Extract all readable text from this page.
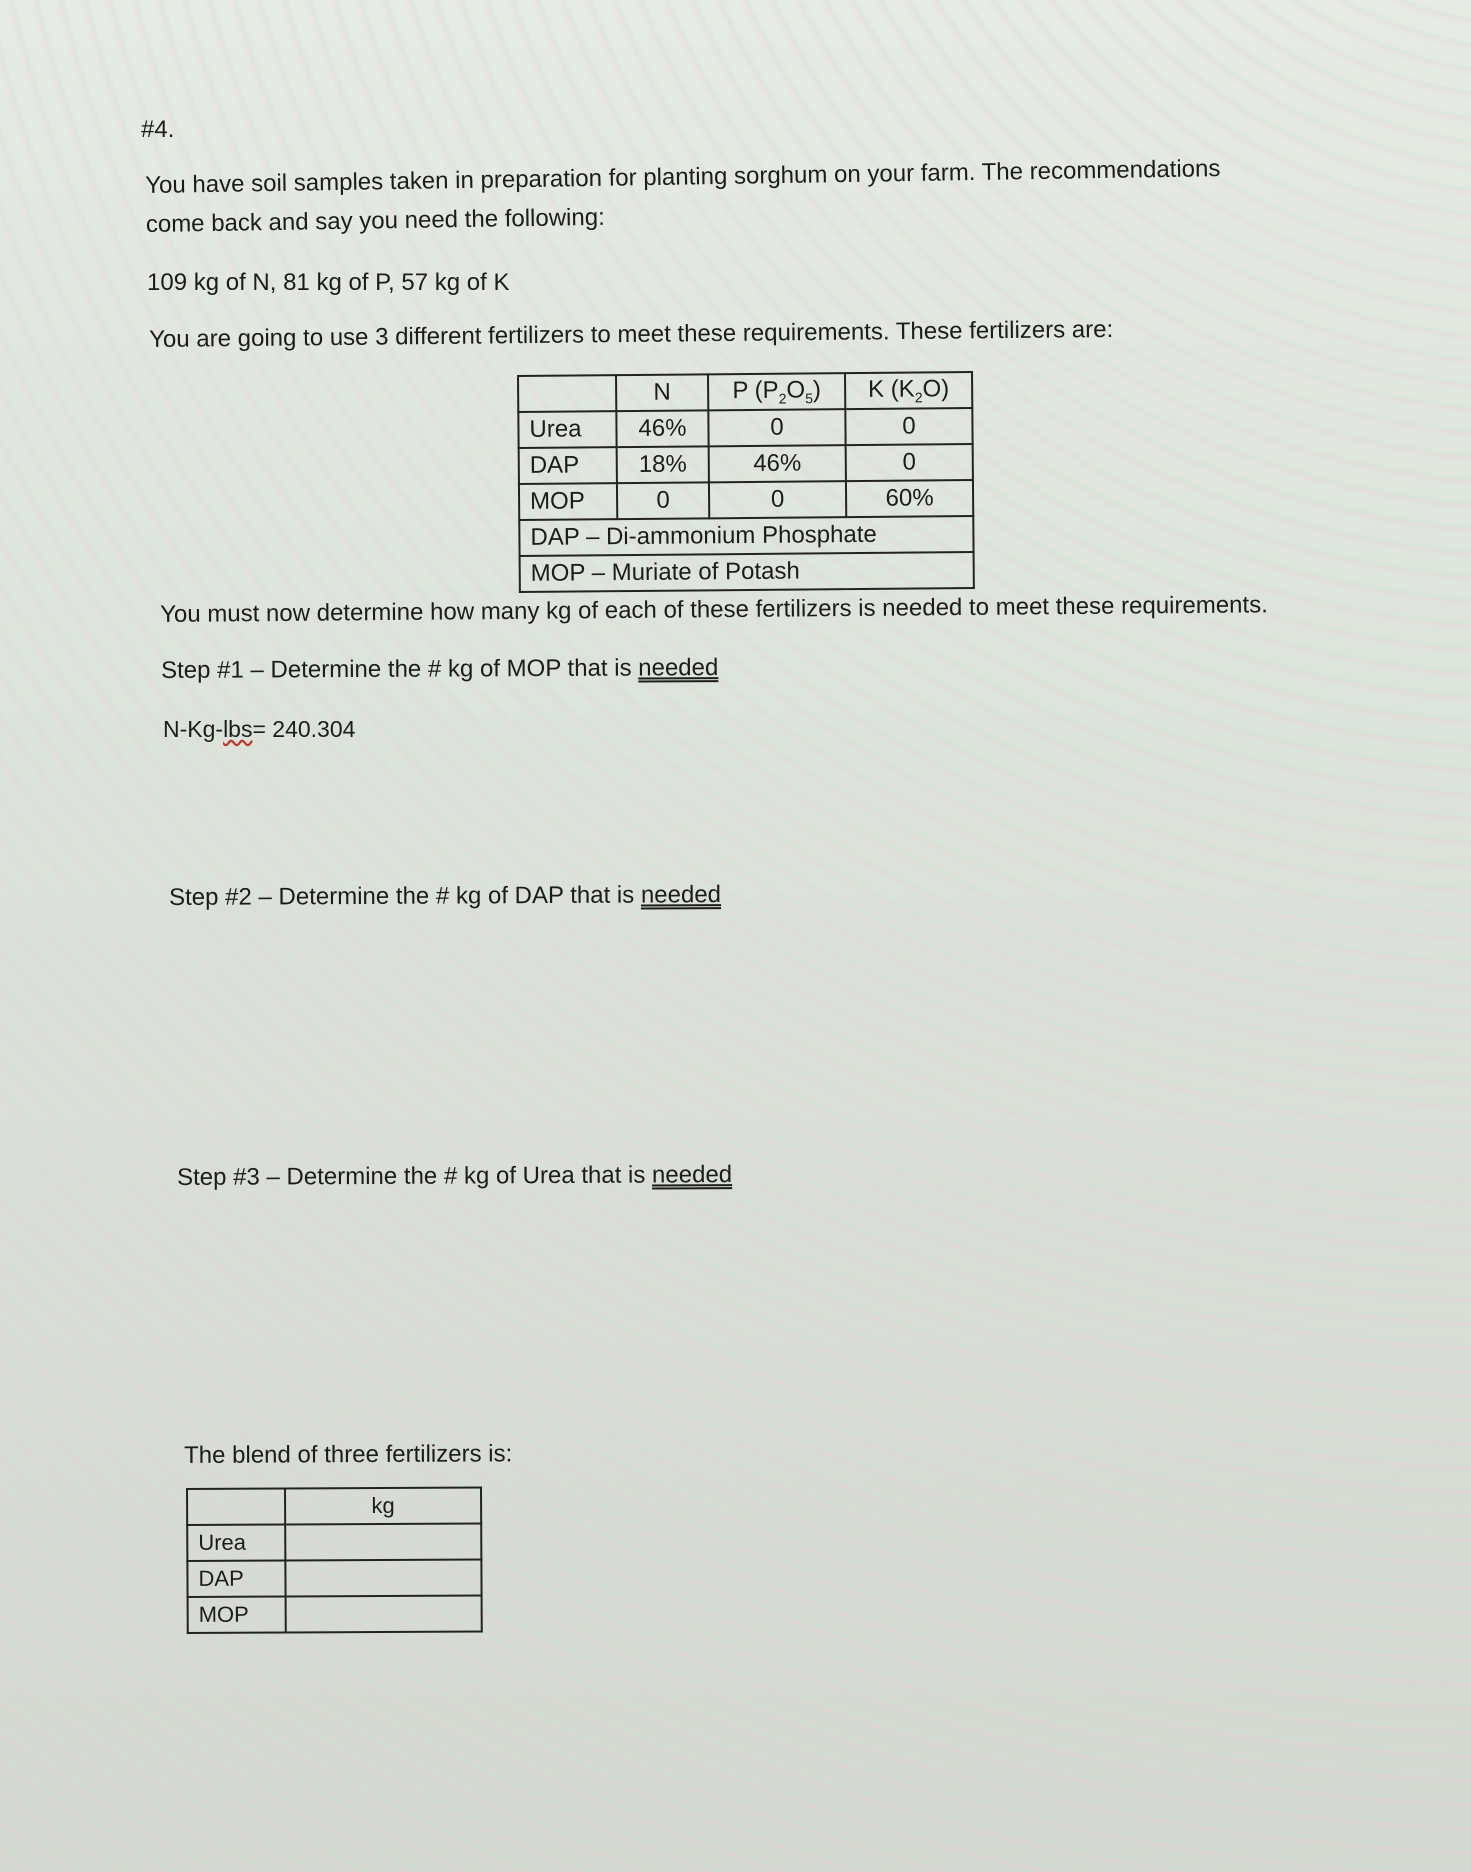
#4.
You have soil samples taken in preparation for planting sorghum on your farm. The recommendations
come back and say you need the following:
109 kg of N, 81 kg of P, 57 kg of K
You are going to use 3 different fertilizers to meet these requirements. These fertilizers are:
	N	P $(P_2O_5)$	K $(K_2O)$
Urea	46%	0	0
DAP	18%	46%	0
MOP	0	0	60%
DAP – Di-ammonium Phosphate			
MOP – Muriate of Potash			
You must now determine how many kg of each of these fertilizers is needed to meet these requirements.
Step #1 – Determine the # kg of MOP that is needed
N-Kg-lbs= 240.304
Step #2 – Determine the # kg of DAP that is needed
Step #3 – Determine the # kg of Urea that is needed
The blend of three fertilizers is:
	kg
Urea	
DAP	
MOP	
